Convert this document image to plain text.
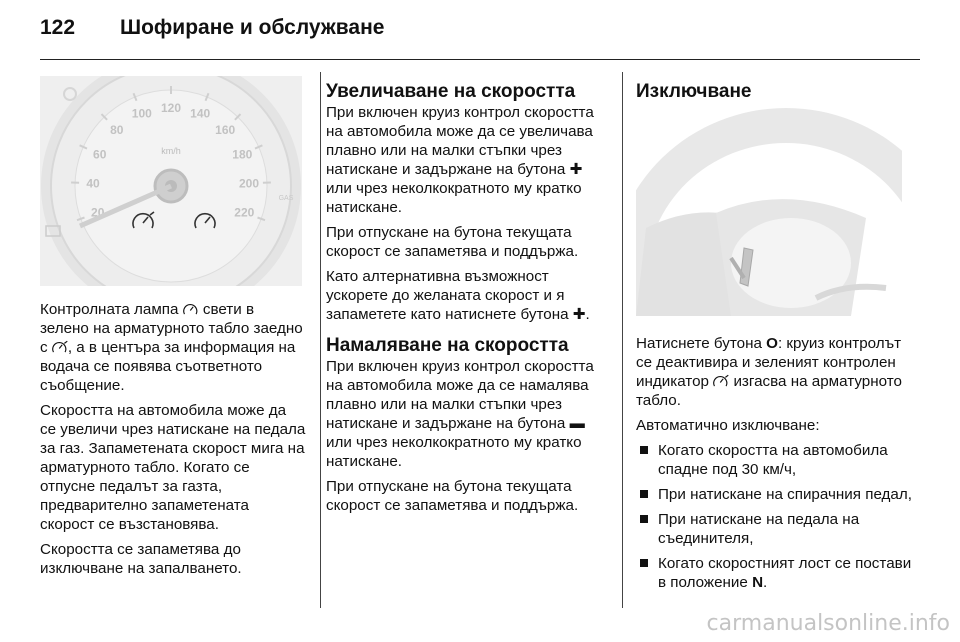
122 Шофиране и обслужване
20
40
60
80
100 120 140
160
180
200
220
km/h
GAS

Контролната лампа  свети в зелено на арматурното табло заедно с , а в центъра за информация на водача се появява съответното съобщение.

Скоростта на автомобила може да се увеличи чрез натискане на педала за газ. Запаметената скорост мига на арматурното табло. Когато се отпусне педалът за газта, предварително запаметената скорост се възстановява.

Скоростта се запаметява до изключване на запалването.

Увеличаване на скоростта

При включен круиз контрол скоростта на автомобила може да се увеличава плавно или на малки стъпки чрез натискане и задържане на бутона ✚ или чрез неколкократното му кратко натискане.

При отпускане на бутона текущата скорост се запаметява и поддържа.

Като алтернативна възможност ускорете до желаната скорост и я запаметете като натиснете бутона ✚.

Намаляване на скоростта

При включен круиз контрол скоростта на автомобила може да се намалява плавно или на малки стъпки чрез натискане и задържане на бутона ▬ или чрез неколкократното му кратко натискане.

При отпускане на бутона текущата скорост се запаметява и поддържа.

Изключване

Натиснете бутона O: круиз контролът се деактивира и зеленият контролен индикатор  изгасва на арматурното табло.

Автоматично изключване:

Когато скоростта на автомобила спадне под 30 км/ч,
При натискане на спирачния педал,
При натискане на педала на съединителя,
Когато скоростният лост се постави в положение N.
carmanualsonline.info
